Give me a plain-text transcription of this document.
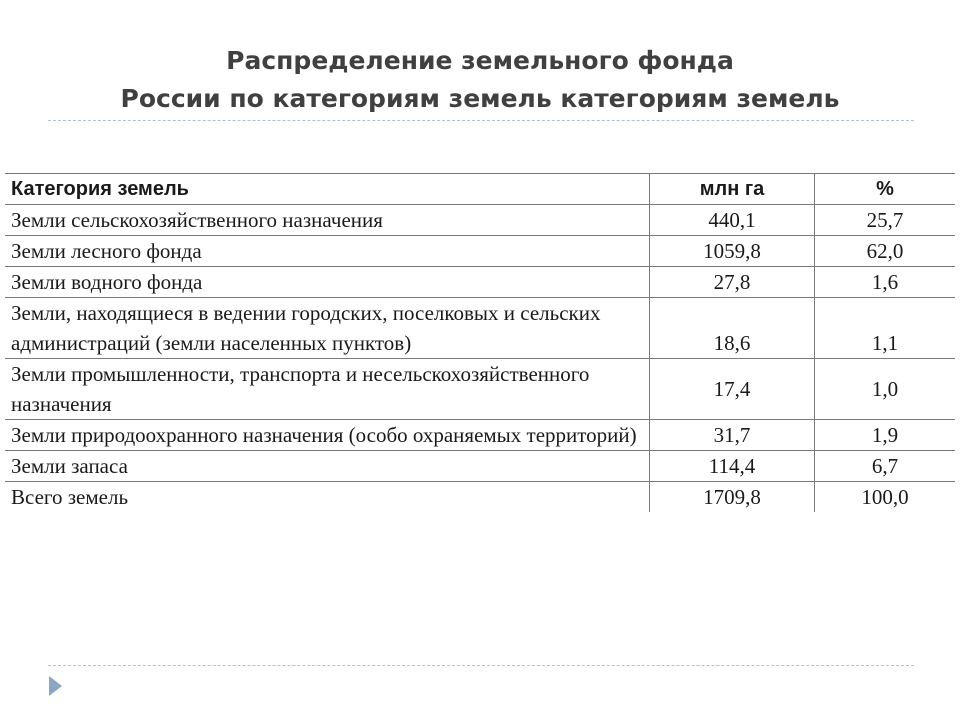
Распределение земельного фонда
России по категориям земель категориям земель
Категория земель	млн га	%
Земли сельскохозяйственного назначения	440,1	25,7
Земли лесного фонда	1059,8	62,0
Земли водного фонда	27,8	1,6
Земли, находящиеся в ведении городских, поселковых и сельских администраций (земли населенных пунктов)	18,6	1,1
Земли промышленности, транспорта и несельскохозяйственного назначения	17,4	1,0
Земли природоохранного назначения (особо охраняемых территорий)	31,7	1,9
Земли запаса	114,4	6,7
Всего земель	1709,8	100,0
